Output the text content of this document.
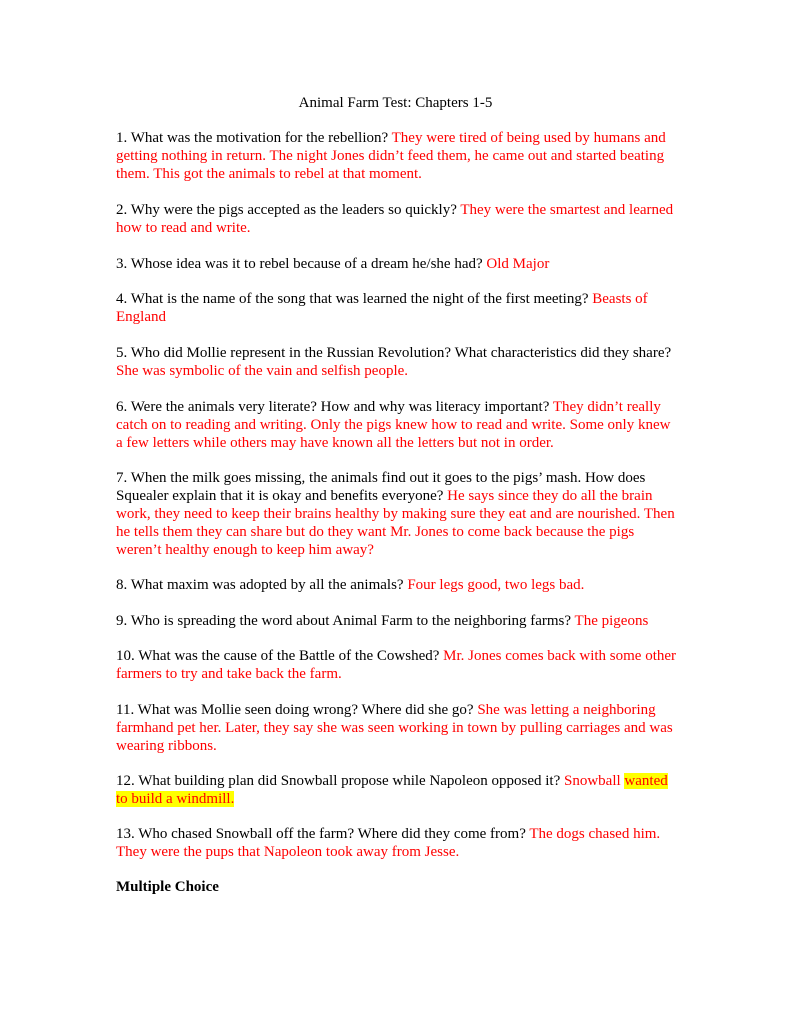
Animal Farm Test: Chapters 1-5

1. What was the motivation for the rebellion? They were tired of being used by humans and getting nothing in return. The night Jones didn’t feed them, he came out and started beating them. This got the animals to rebel at that moment.

2. Why were the pigs accepted as the leaders so quickly? They were the smartest and learned how to read and write.

3. Whose idea was it to rebel because of a dream he/she had? Old Major

4. What is the name of the song that was learned the night of the first meeting? Beasts of England

5. Who did Mollie represent in the Russian Revolution? What characteristics did they share? She was symbolic of the vain and selfish people.

6. Were the animals very literate? How and why was literacy important? They didn’t really catch on to reading and writing. Only the pigs knew how to read and write. Some only knew a few letters while others may have known all the letters but not in order.

7. When the milk goes missing, the animals find out it goes to the pigs’ mash. How does Squealer explain that it is okay and benefits everyone? He says since they do all the brain work, they need to keep their brains healthy by making sure they eat and are nourished. Then he tells them they can share but do they want Mr. Jones to come back because the pigs weren’t healthy enough to keep him away?

8. What maxim was adopted by all the animals? Four legs good, two legs bad.

9. Who is spreading the word about Animal Farm to the neighboring farms? The pigeons

10. What was the cause of the Battle of the Cowshed? Mr. Jones comes back with some other farmers to try and take back the farm.

11. What was Mollie seen doing wrong? Where did she go? She was letting a neighboring farmhand pet her. Later, they say she was seen working in town by pulling carriages and was wearing ribbons.

12. What building plan did Snowball propose while Napoleon opposed it? Snowball wanted to build a windmill.

13. Who chased Snowball off the farm? Where did they come from? The dogs chased him. They were the pups that Napoleon took away from Jesse.

Multiple Choice
